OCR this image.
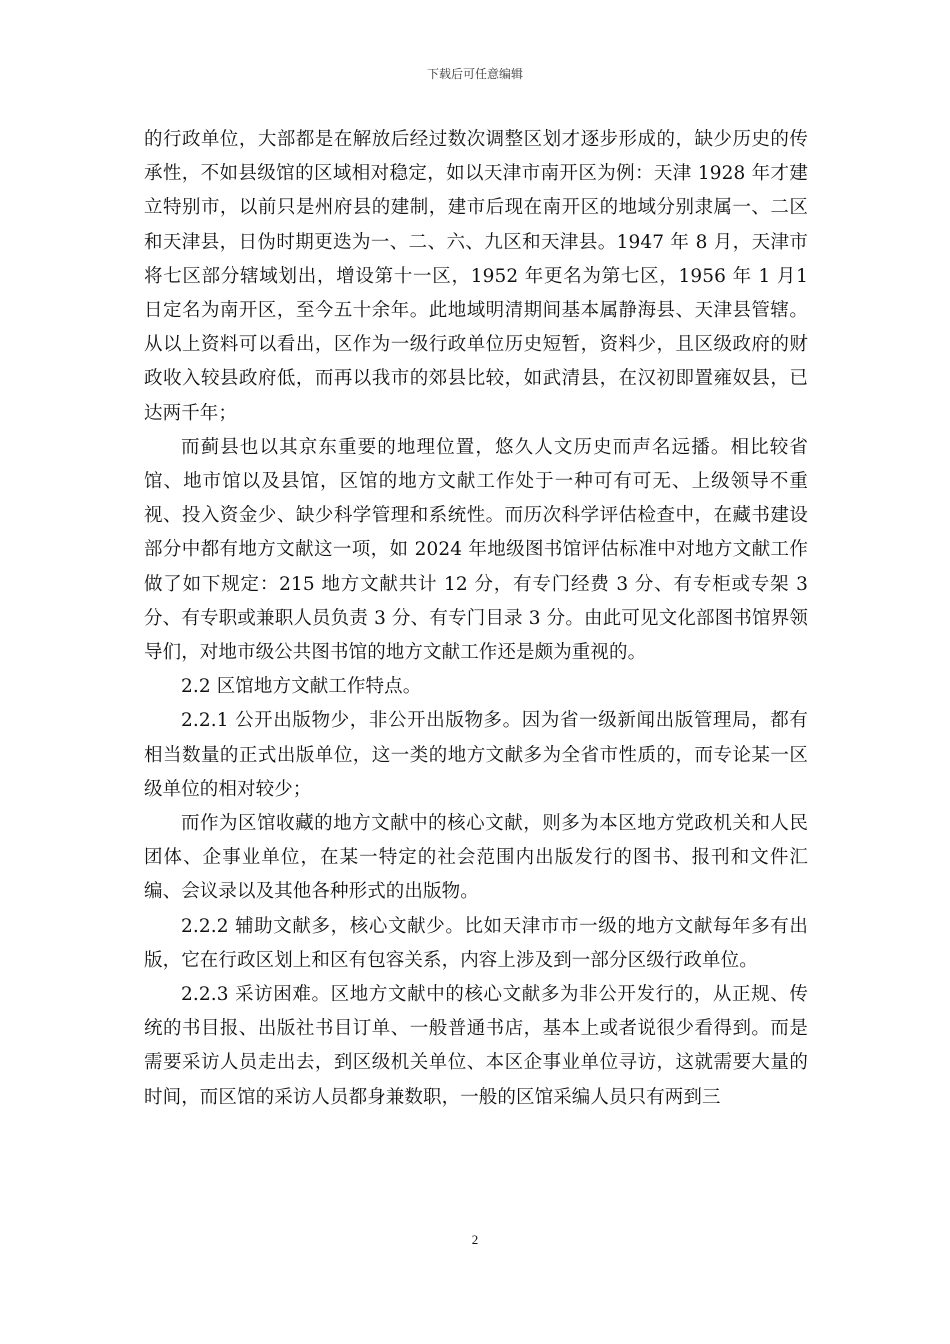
下载后可任意编辑

的行政单位，大部都是在解放后经过数次调整区划才逐步形成的，缺少历史的传承性，不如县级馆的区域相对稳定，如以天津市南开区为例：天津 1928 年才建立特别市，以前只是州府县的建制，建市后现在南开区的地域分别隶属一、二区和天津县，日伪时期更迭为一、二、六、九区和天津县。1947 年 8 月，天津市将七区部分辖域划出，增设第十一区，1952 年更名为第七区，1956 年 1 月1 日定名为南开区，至今五十余年。此地域明清期间基本属静海县、天津县管辖。从以上资料可以看出，区作为一级行政单位历史短暂，资料少，且区级政府的财政收入较县政府低，而再以我市的郊县比较，如武清县，在汉初即置雍奴县，已达两千年；

而蓟县也以其京东重要的地理位置，悠久人文历史而声名远播。相比较省馆、地市馆以及县馆，区馆的地方文献工作处于一种可有可无、上级领导不重视、投入资金少、缺少科学管理和系统性。而历次科学评估检查中，在藏书建设部分中都有地方文献这一项，如 2024 年地级图书馆评估标准中对地方文献工作做了如下规定：215 地方文献共计 12 分，有专门经费 3 分、有专柜或专架 3分、有专职或兼职人员负责 3 分、有专门目录 3 分。由此可见文化部图书馆界领导们，对地市级公共图书馆的地方文献工作还是颇为重视的。

2.2 区馆地方文献工作特点。

2.2.1 公开出版物少，非公开出版物多。因为省一级新闻出版管理局，都有相当数量的正式出版单位，这一类的地方文献多为全省市性质的，而专论某一区级单位的相对较少；

而作为区馆收藏的地方文献中的核心文献，则多为本区地方党政机关和人民团体、企事业单位，在某一特定的社会范围内出版发行的图书、报刊和文件汇编、会议录以及其他各种形式的出版物。

2.2.2 辅助文献多，核心文献少。比如天津市市一级的地方文献每年多有出版，它在行政区划上和区有包容关系，内容上涉及到一部分区级行政单位。

2.2.3 采访困难。区地方文献中的核心文献多为非公开发行的，从正规、传统的书目报、出版社书目订单、一般普通书店，基本上或者说很少看得到。而是需要采访人员走出去，到区级机关单位、本区企事业单位寻访，这就需要大量的时间，而区馆的采访人员都身兼数职，一般的区馆采编人员只有两到三

2
